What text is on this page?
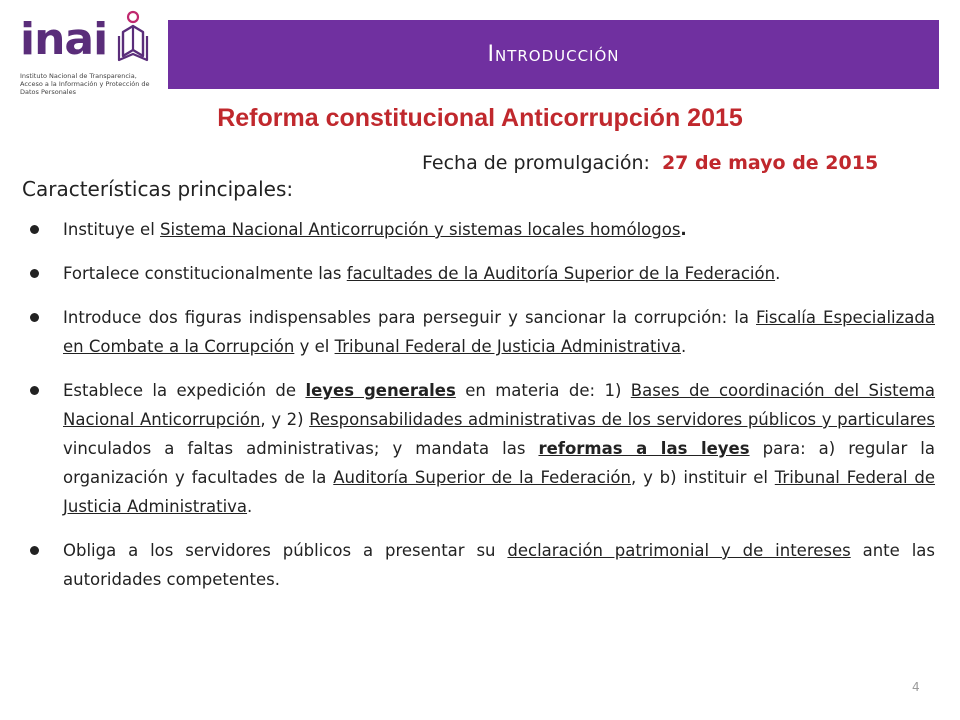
inai
Instituto Nacional de Transparencia, Acceso a la Información y Protección de Datos Personales
Introducción
Reforma constitucional Anticorrupción 2015
Fecha de promulgación: 27 de mayo de 2015
Características principales:
Instituye el Sistema Nacional Anticorrupción y sistemas locales homólogos.
Fortalece constitucionalmente las facultades de la Auditoría Superior de la Federación.
Introduce dos figuras indispensables para perseguir y sancionar la corrupción: la Fiscalía Especializada en Combate a la Corrupción y el Tribunal Federal de Justicia Administrativa.
Establece la expedición de leyes generales en materia de: 1) Bases de coordinación del Sistema Nacional Anticorrupción, y 2) Responsabilidades administrativas de los servidores públicos y particulares vinculados a faltas administrativas; y mandata las reformas a las leyes para: a) regular la organización y facultades de la Auditoría Superior de la Federación, y b) instituir el Tribunal Federal de Justicia Administrativa.
Obliga a los servidores públicos a presentar su declaración patrimonial y de intereses ante las autoridades competentes.
4
